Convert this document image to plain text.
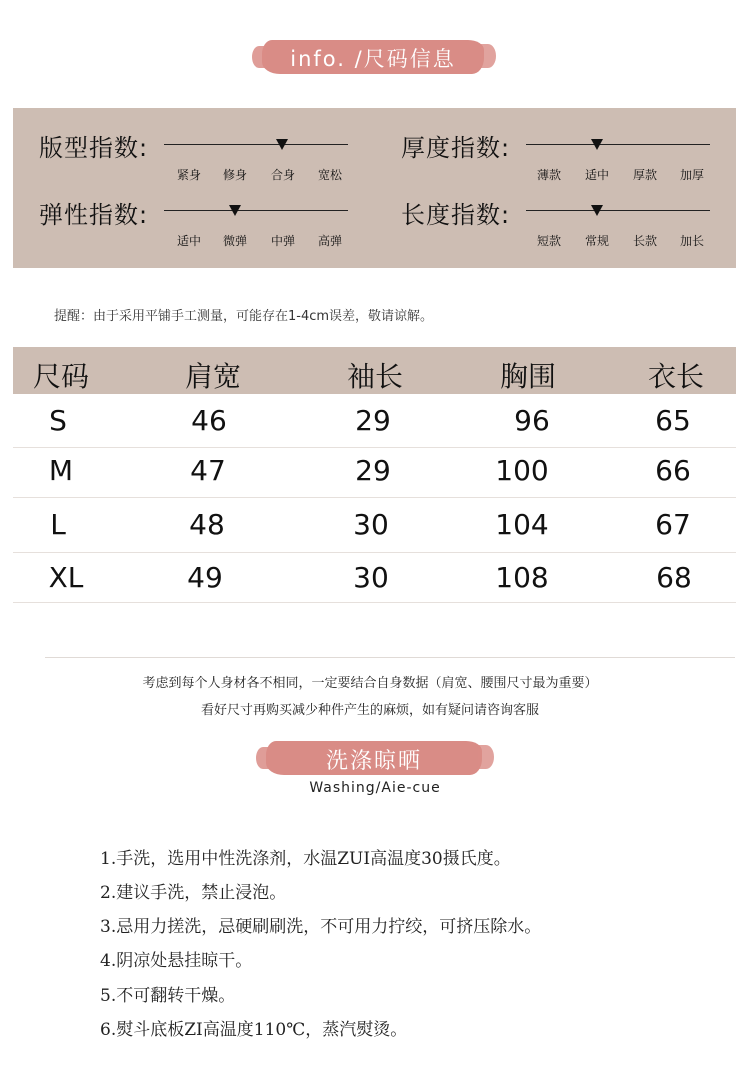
info. /尺码信息
版型指数:
紧身 修身 合身 宽松
厚度指数:
薄款 适中 厚款 加厚
弹性指数:
适中 微弹 中弹 高弹
长度指数:
短款 常规 长款 加长
提醒：由于采用平铺手工测量，可能存在1-4cm误差，敬请谅解。
尺码	肩宽	袖长	胸围	衣长
S	46	29	96	65
M	47	29	100	66
L	48	30	104	67
XL	49	30	108	68
考虑到每个人身材各不相同，一定要结合自身数据（肩宽、腰围尺寸最为重要）
看好尺寸再购买减少种件产生的麻烦，如有疑问请咨询客服
洗涤晾晒
Washing/Aie-cue
1.手洗，选用中性洗涤剂，水温ZUI高温度30摄氏度。
2.建议手洗，禁止浸泡。
3.忌用力搓洗，忌硬刷刷洗，不可用力拧绞，可挤压除水。
4.阴凉处悬挂晾干。
5.不可翻转干燥。
6.熨斗底板ZI高温度110℃，蒸汽熨烫。
